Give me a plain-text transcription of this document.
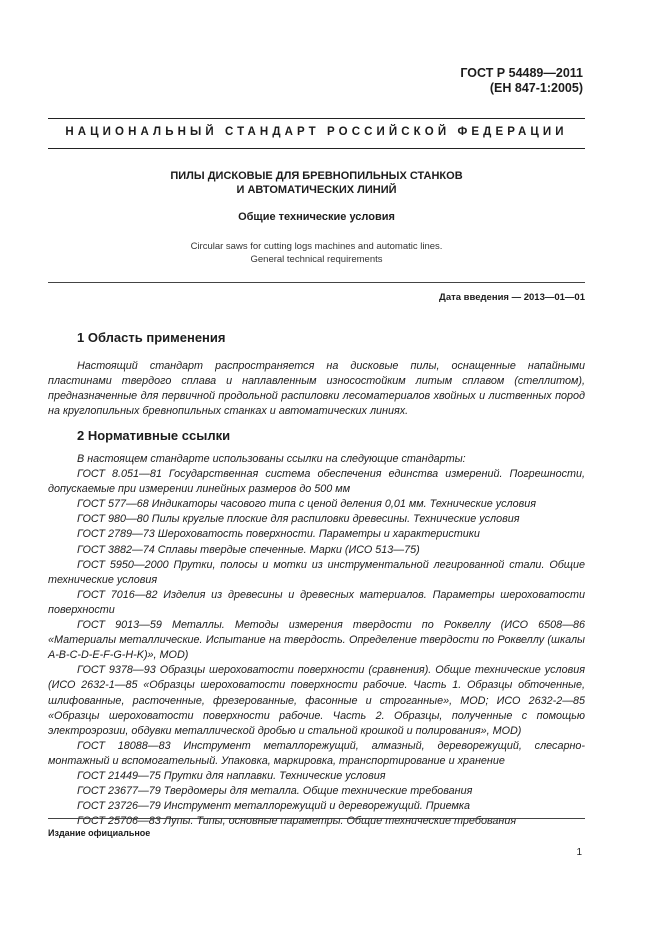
ГОСТ Р 54489—2011
(ЕН 847-1:2005)
НАЦИОНАЛЬНЫЙ СТАНДАРТ РОССИЙСКОЙ ФЕДЕРАЦИИ
ПИЛЫ ДИСКОВЫЕ ДЛЯ БРЕВНОПИЛЬНЫХ СТАНКОВ
И АВТОМАТИЧЕСКИХ ЛИНИЙ
Общие технические условия
Circular saws for cutting logs machines and automatic lines.
General technical requirements
Дата введения — 2013—01—01
1 Область применения

Настоящий стандарт распространяется на дисковые пилы, оснащенные напайными пластинами твердого сплава и наплавленным износостойким литым сплавом (стеллитом), предназначенные для первичной продольной распиловки лесоматериалов хвойных и лиственных пород на круглопильных бревнопильных станках и автоматических линиях.

2 Нормативные ссылки

В настоящем стандарте использованы ссылки на следующие стандарты:

ГОСТ 8.051—81 Государственная система обеспечения единства измерений. Погрешности, допускаемые при измерении линейных размеров до 500 мм

ГОСТ 577—68 Индикаторы часового типа с ценой деления 0,01 мм. Технические условия

ГОСТ 980—80 Пилы круглые плоские для распиловки древесины. Технические условия

ГОСТ 2789—73 Шероховатость поверхности. Параметры и характеристики

ГОСТ 3882—74 Сплавы твердые спеченные. Марки (ИСО 513—75)

ГОСТ 5950—2000 Прутки, полосы и мотки из инструментальной легированной стали. Общие технические условия

ГОСТ 7016—82 Изделия из древесины и древесных материалов. Параметры шероховатости поверхности

ГОСТ 9013—59 Металлы. Методы измерения твердости по Роквеллу (ИСО 6508—86 «Материалы металлические. Испытание на твердость. Определение твердости по Роквеллу (шкалы A-B-C-D-E-F-G-H-K)», MOD)

ГОСТ 9378—93 Образцы шероховатости поверхности (сравнения). Общие технические условия (ИСО 2632-1—85 «Образцы шероховатости поверхности рабочие. Часть 1. Образцы обточенные, шлифованные, расточенные, фрезерованные, фасонные и строганные», MOD; ИСО 2632-2—85 «Образцы шероховатости поверхности рабочие. Часть 2. Образцы, полученные с помощью электроэрозии, обдувки металлической дробью и стальной крошкой и полирования», MOD)

ГОСТ 18088—83 Инструмент металлорежущий, алмазный, дереворежущий, слесарно-монтажный и вспомогательный. Упаковка, маркировка, транспортирование и хранение

ГОСТ 21449—75 Прутки для наплавки. Технические условия

ГОСТ 23677—79 Твердомеры для металла. Общие технические требования

ГОСТ 23726—79 Инструмент металлорежущий и дереворежущий. Приемка

ГОСТ 25706—83 Лупы. Типы, основные параметры. Общие технические требования

Издание официальное
1
